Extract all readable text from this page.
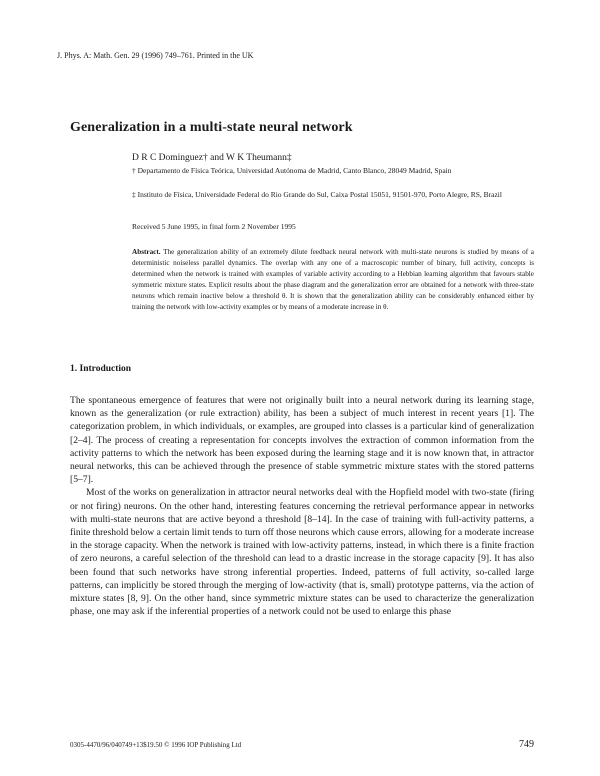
J. Phys. A: Math. Gen. 29 (1996) 749–761. Printed in the UK
Generalization in a multi-state neural network
D R C Dominguez† and W K Theumann‡
† Departamento de Física Teórica, Universidad Autónoma de Madrid, Canto Blanco, 28049 Madrid, Spain
‡ Instituto de Física, Universidade Federal do Rio Grande do Sul, Caixa Postal 15051, 91501-970, Porto Alegre, RS, Brazil
Received 5 June 1995, in final form 2 November 1995
Abstract. The generalization ability of an extremely dilute feedback neural network with multi-state neurons is studied by means of a deterministic noiseless parallel dynamics. The overlap with any one of a macroscopic number of binary, full activity, concepts is determined when the network is trained with examples of variable activity according to a Hebbian learning algorithm that favours stable symmetric mixture states. Explicit results about the phase diagram and the generalization error are obtained for a network with three-state neurons which remain inactive below a threshold θ. It is shown that the generalization ability can be considerably enhanced either by training the network with low-activity examples or by means of a moderate increase in θ.
1. Introduction

The spontaneous emergence of features that were not originally built into a neural network during its learning stage, known as the generalization (or rule extraction) ability, has been a subject of much interest in recent years [1]. The categorization problem, in which individuals, or examples, are grouped into classes is a particular kind of generalization [2–4]. The process of creating a representation for concepts involves the extraction of common information from the activity patterns to which the network has been exposed during the learning stage and it is now known that, in attractor neural networks, this can be achieved through the presence of stable symmetric mixture states with the stored patterns [5–7].

Most of the works on generalization in attractor neural networks deal with the Hopfield model with two-state (firing or not firing) neurons. On the other hand, interesting features concerning the retrieval performance appear in networks with multi-state neurons that are active beyond a threshold [8–14]. In the case of training with full-activity patterns, a finite threshold below a certain limit tends to turn off those neurons which cause errors, allowing for a moderate increase in the storage capacity. When the network is trained with low-activity patterns, instead, in which there is a finite fraction of zero neurons, a careful selection of the threshold can lead to a drastic increase in the storage capacity [9]. It has also been found that such networks have strong inferential properties. Indeed, patterns of full activity, so-called large patterns, can implicitly be stored through the merging of low-activity (that is, small) prototype patterns, via the action of mixture states [8, 9]. On the other hand, since symmetric mixture states can be used to characterize the generalization phase, one may ask if the inferential properties of a network could not be used to enlarge this phase

0305-4470/96/040749+13$19.50 © 1996 IOP Publishing Ltd	749
